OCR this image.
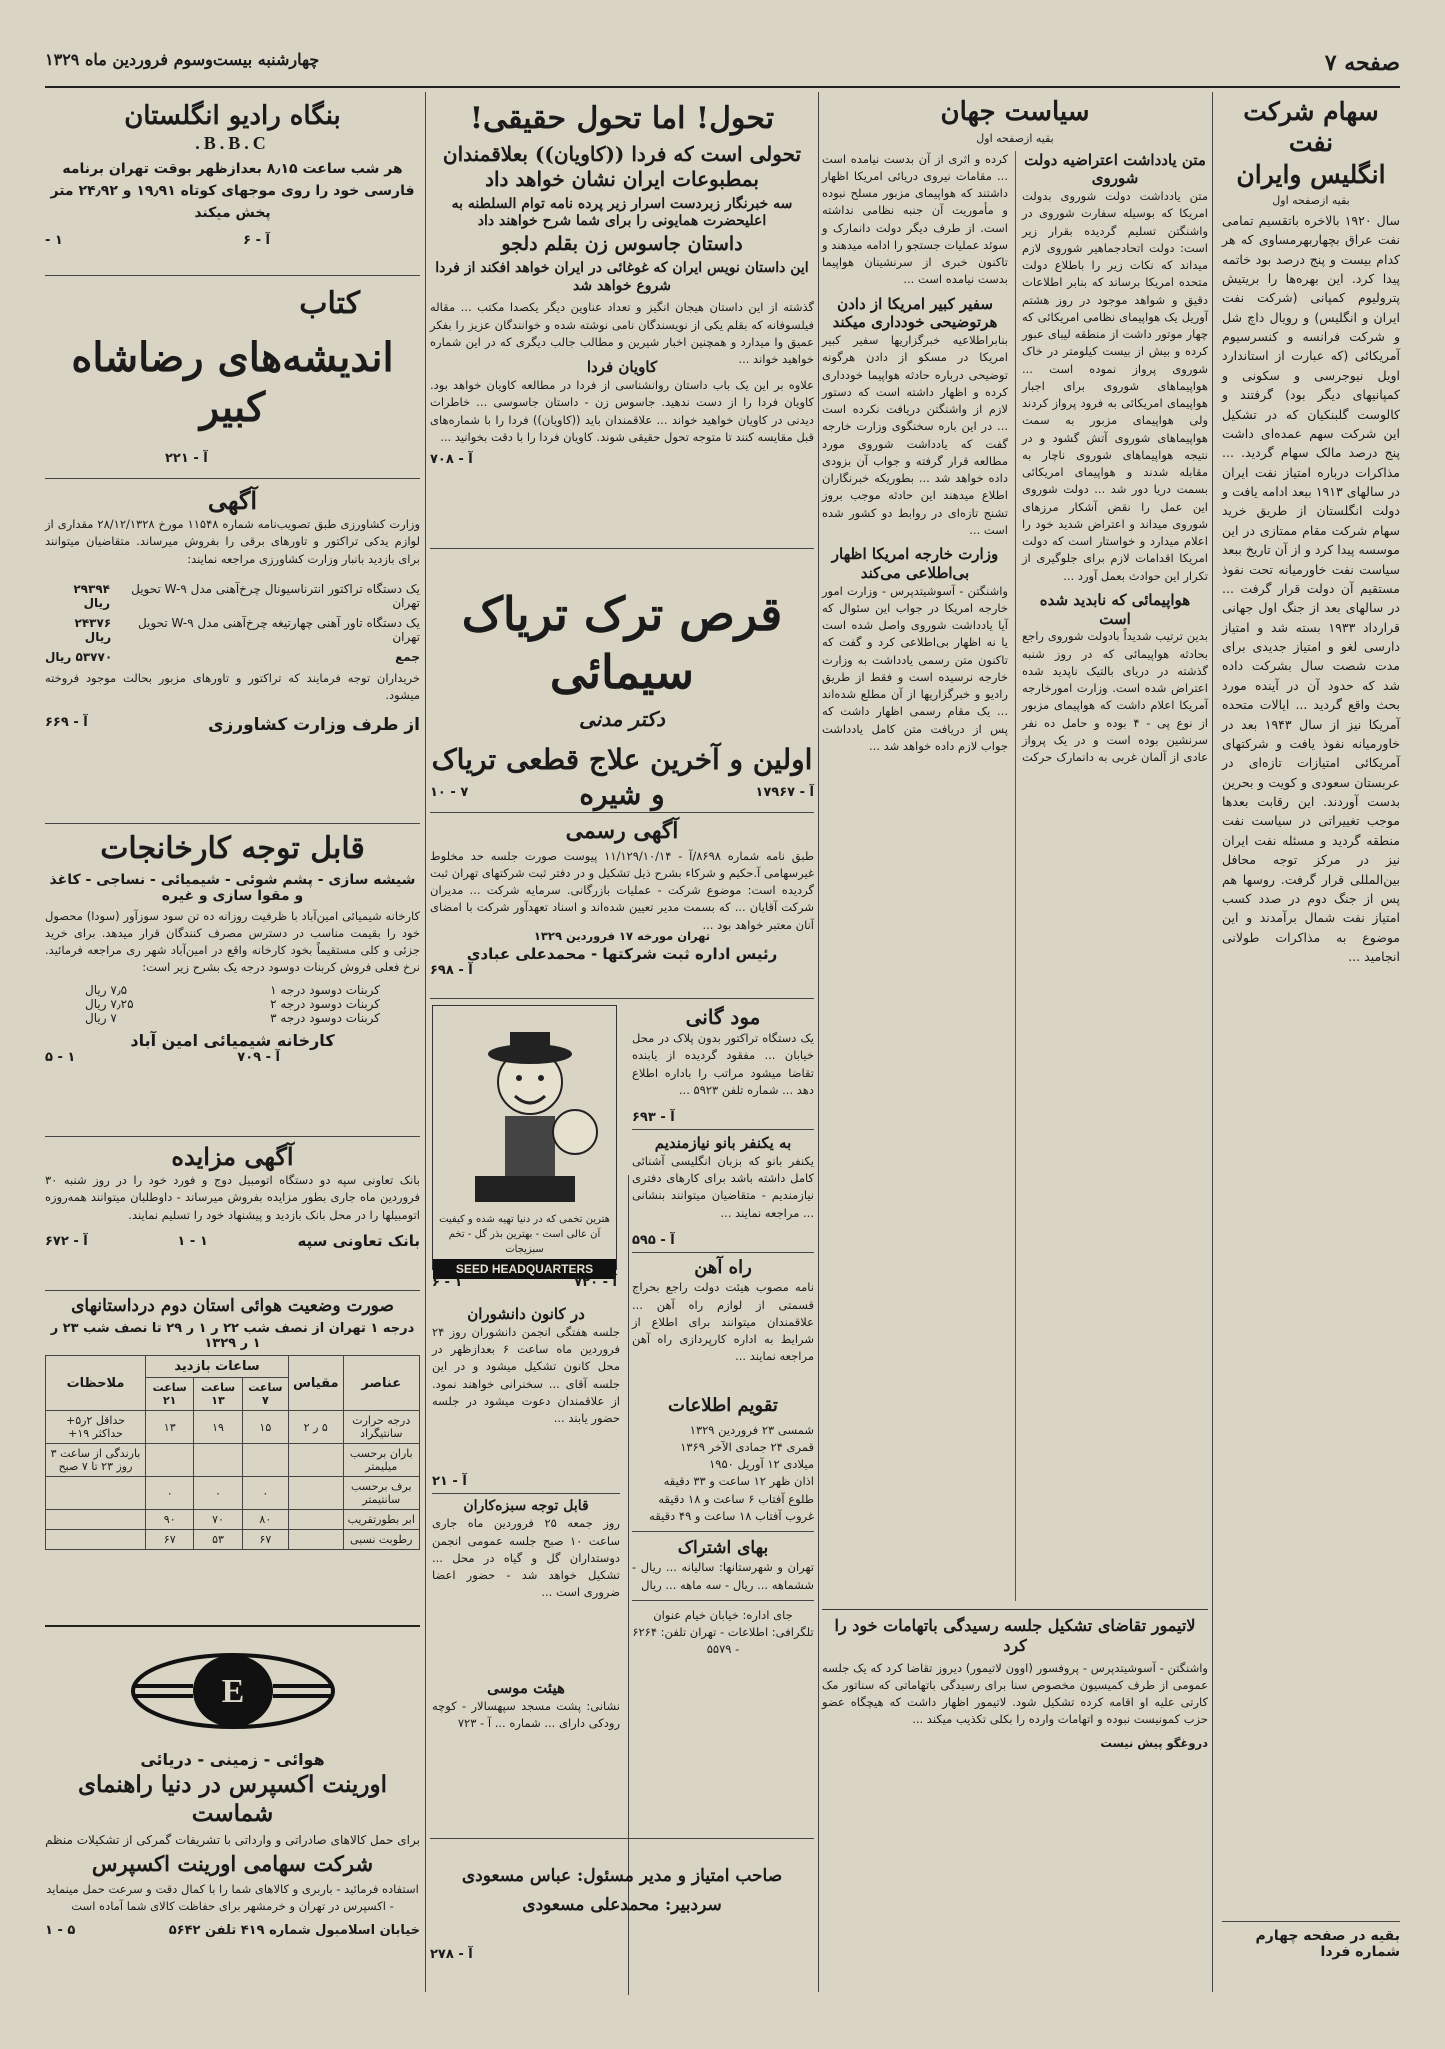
صفحه ۷
چهارشنبه بیست‌وسوم فروردین ماه ۱۳۲۹
سهام شرکت نفت
انگلیس وایران
بقیه ازصفحه اول
سال ۱۹۲۰ بالاخره باتقسیم تمامی نفت عراق بچهاربهرمساوی که هر کدام بیست و پنج درصد بود خاتمه پیدا کرد. این بهره‌ها را بریتیش پترولیوم کمپانی (شرکت نفت ایران و انگلیس) و رویال داچ شل و شرکت فرانسه و کنسرسیوم آمریکائی (که عبارت از استاندارد اویل نیوجرسی و سکونی و کمپانیهای دیگر بود) گرفتند و کالوست گلبنکیان که در تشکیل این شرکت سهم عمده‌ای داشت پنج درصد مالک سهام گردید. ... مذاکرات درباره امتیاز نفت ایران در سالهای ۱۹۱۳ ببعد ادامه یافت و دولت انگلستان از طریق خرید سهام شرکت مقام ممتازی در این موسسه پیدا کرد و از آن تاریخ ببعد سیاست نفت خاورمیانه تحت نفوذ مستقیم آن دولت قرار گرفت ... در سالهای بعد از جنگ اول جهانی قرارداد ۱۹۳۳ بسته شد و امتیاز دارسی لغو و امتیاز جدیدی برای مدت شصت سال بشرکت داده شد که حدود آن در آینده مورد بحث واقع گردید ... ایالات متحده آمریکا نیز از سال ۱۹۴۳ بعد در خاورمیانه نفوذ یافت و شرکتهای آمریکائی امتیازات تازه‌ای در عربستان سعودی و کویت و بحرین بدست آوردند. این رقابت بعدها موجب تغییراتی در سیاست نفت منطقه گردید و مسئله نفت ایران نیز در مرکز توجه محافل بین‌المللی قرار گرفت. روسها هم پس از جنگ دوم در صدد کسب امتیاز نفت شمال برآمدند و این موضوع به مذاکرات طولانی انجامید ...
بقیه در صفحه چهارم شماره فردا
سیاست جهان
بقیه ازصفحه اول
متن یادداشت اعتراضیه دولت شوروی
متن یادداشت دولت شوروی بدولت امریکا که بوسیله سفارت شوروی در واشنگتن تسلیم گردیده بقرار زیر است: دولت اتحادجماهیر شوروی لازم میداند که نکات زیر را باطلاع دولت متحده امریکا برساند که بنابر اطلاعات دقیق و شواهد موجود در روز هشتم آوریل یک هواپیمای نظامی امریکائی که چهار موتور داشت از منطقه لیبای عبور کرده و بیش از بیست کیلومتر در خاک شوروی پرواز نموده است ... هواپیماهای شوروی برای اجبار هواپیمای امریکائی به فرود پرواز کردند ولی هواپیمای مزبور به سمت هواپیماهای شوروی آتش گشود و در نتیجه هواپیماهای شوروی ناچار به مقابله شدند و هواپیمای امریکائی بسمت دریا دور شد ... دولت شوروی این عمل را نقض آشکار مرزهای شوروی میداند و اعتراض شدید خود را اعلام میدارد و خواستار است که دولت امریکا اقدامات لازم برای جلوگیری از تکرار این حوادث بعمل آورد ...
هواپیمائی که نابدید شده است
بدین ترتیب شدیداً بادولت شوروی راجع بحادثه هواپیمائی که در روز شنبه گذشته در دریای بالتیک ناپدید شده اعتراض شده است. وزارت امورخارجه آمریکا اعلام داشت که هواپیمای مزبور از نوع پی - ۴ بوده و حامل ده نفر سرنشین بوده است و در یک پرواز عادی از آلمان غربی به دانمارک حرکت کرده و اثری از آن بدست نیامده است ... مقامات نیروی دریائی امریکا اظهار داشتند که هواپیمای مزبور مسلح نبوده و مأموریت آن جنبه نظامی نداشته است. از طرف دیگر دولت دانمارک و سوئد عملیات جستجو را ادامه میدهند و تاکنون خبری از سرنشینان هواپیما بدست نیامده است ...
سفیر کبیر امریکا از دادن هرتوضیحی خودداری میکند
بنابراطلاعیه خبرگزاریها سفیر کبیر امریکا در مسکو از دادن هرگونه توضیحی درباره حادثه هواپیما خودداری کرده و اظهار داشته است که دستور لازم از واشنگتن دریافت نکرده است ... در این باره سخنگوی وزارت خارجه گفت که یادداشت شوروی مورد مطالعه قرار گرفته و جواب آن بزودی داده خواهد شد ... بطوریکه خبرنگاران اطلاع میدهند این حادثه موجب بروز تشنج تازه‌ای در روابط دو کشور شده است ...
وزارت خارجه امریکا اظهار بی‌اطلاعی می‌کند
واشنگتن - آسوشیتدپرس - وزارت امور خارجه امریکا در جواب این سئوال که آیا یادداشت شوروی واصل شده است یا نه اظهار بی‌اطلاعی کرد و گفت که تاکنون متن رسمی یادداشت به وزارت خارجه نرسیده است و فقط از طریق رادیو و خبرگزاریها از آن مطلع شده‌اند ... یک مقام رسمی اظهار داشت که پس از دریافت متن کامل یادداشت جواب لازم داده خواهد شد ...
لاتیمور تقاضای تشکیل جلسه رسیدگی باتهامات خود را کرد
واشنگتن - آسوشیتدپرس - پروفسور (اوون لاتیمور) دیروز تقاضا کرد که یک جلسه عمومی از طرف کمیسیون مخصوص سنا برای رسیدگی باتهاماتی که سناتور مک کارتی علیه او اقامه کرده تشکیل شود. لاتیمور اظهار داشت که هیچگاه عضو حزب کمونیست نبوده و اتهامات وارده را بکلی تکذیب میکند ...
دروغگو پیش نیست
تحول! اما تحول حقیقی!
تحولی است که فردا ((کاویان)) بعلاقمندان بمطبوعات ایران نشان خواهد داد
سه خبرنگار زبردست اسرار زیر پرده نامه توام السلطنه به اعلیحضرت همایونی را برای شما شرح خواهند داد
داستان جاسوس زن بقلم دلجو
این داستان نویس ایران که غوغائی در ایران خواهد افکند از فردا شروع خواهد شد
گذشته از این داستان هیجان انگیز و تعداد عناوین دیگر یکصدا مکتب ... مقاله فیلسوفانه که بقلم یکی از نویسندگان نامی نوشته شده و خوانندگان عزیز را بفکر عمیق وا میدارد و همچنین اخبار شیرین و مطالب جالب دیگری که در این شماره خواهید خواند ...
کاویان فردا
علاوه بر این یک باب داستان روانشناسی از فردا در مطالعه کاویان خواهد بود. کاویان فردا را از دست ندهید. جاسوس زن - داستان جاسوسی ... خاطرات دیدنی در کاویان خواهید خواند ... علاقمندان باید ((کاویان)) فردا را با شماره‌های قبل مقایسه کنند تا متوجه تحول حقیقی شوند. کاویان فردا را با دقت بخوانید ...
آ - ۷۰۸
قرص ترک تریاک سیمائی
دکتر مدنی
اولین و آخرین علاج قطعی تریاک و شیره	آ - ۱۷۹۶۷
۷ - ۱۰
آگهی رسمی
طبق نامه شماره ۸۶۹۸/آ - ۱۱/۱۲۹/۱۰/۱۴ پیوست صورت جلسه حد مخلوط غیرسهامی آ.حکیم و شرکاء بشرح ذیل تشکیل و در دفتر ثبت شرکتهای تهران ثبت گردیده است: موضوع شرکت - عملیات بازرگانی. سرمایه شرکت ... مدیران شرکت آقایان ... که بسمت مدیر تعیین شده‌اند و اسناد تعهدآور شرکت با امضای آنان معتبر خواهد بود ...
تهران مورخه ۱۷ فروردین ۱۳۲۹
رئیس اداره ثبت شرکتها - محمدعلی عبادی
آ - ۶۹۸
هترین تخمی که در دنیا تهیه شده و کیفیت آن عالی است - بهترین بذر گل - تخم سبزیجات
SEED HEADQUARTERS
آ - ۷۲۰
۱ - ۶
مود گانی
یک دستگاه تراکتور بدون پلاک در محل خیابان ... مفقود گردیده از یابنده تقاضا میشود مراتب را باداره اطلاع دهد ... شماره تلفن ۵۹۲۳ ...
آ - ۶۹۳
به یکنفر بانو نیازمندیم
یکنفر بانو که بزبان انگلیسی آشنائی کامل داشته باشد برای کارهای دفتری نیازمندیم - متقاضیان میتوانند بنشانی ... مراجعه نمایند ...
آ - ۵۹۵
راه آهن
نامه مصوب هیئت دولت راجع بحراج قسمتی از لوازم راه آهن ... علاقمندان میتوانند برای اطلاع از شرایط به اداره کارپردازی راه آهن مراجعه نمایند ...
در کانون دانشوران
جلسه هفتگی انجمن دانشوران روز ۲۴ فروردین ماه ساعت ۶ بعدازظهر در محل کانون تشکیل میشود و در این جلسه آقای ... سخنرانی خواهند نمود. از علاقمندان دعوت میشود در جلسه حضور یابند ...
آ - ۲۱
قابل توجه سبزه‌کاران
روز جمعه ۲۵ فروردین ماه جاری ساعت ۱۰ صبح جلسه عمومی انجمن دوستداران گل و گیاه در محل ... تشکیل خواهد شد - حضور اعضا ضروری است ...
هیئت موسی
نشانی: پشت مسجد سپهسالار - کوچه رودکی دارای ... شماره ... آ - ۷۲۳
تقویم اطلاعات
شمسی ۲۳ فروردین ۱۳۲۹
قمری ۲۴ جمادی الآخر ۱۳۶۹
میلادی ۱۲ آوریل ۱۹۵۰
اذان ظهر ۱۲ ساعت و ۳۳ دقیقه
طلوع آفتاب ۶ ساعت و ۱۸ دقیقه
غروب آفتاب ۱۸ ساعت و ۴۹ دقیقه
بهای اشتراک
تهران و شهرستانها: سالیانه ... ریال - ششماهه ... ریال - سه ماهه ... ریال
جای اداره: خیابان خیام عنوان تلگرافی: اطلاعات - تهران تلفن: ۶۲۶۴ - ۵۵۷۹
صاحب امتیاز و مدیر مسئول: عباس مسعودی
سردبیر: محمدعلی مسعودی
آ - ۲۷۸
بنگاه رادیو انگلستان
B.B.C.
هر شب ساعت ۸٫۱۵ بعدازظهر بوقت تهران برنامه فارسی خود را روی موجهای کوتاه ۱۹٫۹۱ و ۲۴٫۹۲ متر پخش میکند
آ - ۶
۱ -
کتاب
اندیشه‌های رضاشاه کبیر
آ - ۲۲۱
آگهی
وزارت کشاورزی طبق تصویب‌نامه شماره ۱۱۵۴۸ مورخ ۲۸/۱۲/۱۳۲۸ مقداری از لوازم یدکی تراکتور و تاورهای برقی را بفروش میرساند. متقاضیان میتوانند برای بازدید بانبار وزارت کشاورزی مراجعه نمایند:
یک دستگاه تراکتور انترناسیونال چرخ‌آهنی مدل W-۹ تحویل تهران
۲۹۳۹۴ ریال
یک دستگاه تاور آهنی چهارتیغه چرخ‌آهنی مدل W-۹ تحویل تهران
۲۴۳۷۶ ریال
جمع
۵۳۷۷۰ ریال
خریداران توجه فرمایند که تراکتور و تاورهای مزبور بحالت موجود فروخته میشود.
از طرف وزارت کشاورزی
آ - ۶۶۹
قابل توجه کارخانجات
شیشه سازی - پشم شوئی - شیمیائی - نساجی - کاغذ
و مقوا سازی و غیره
کارخانه شیمیائی امین‌آباد با ظرفیت روزانه ده تن سود سوزآور (سودا) محصول خود را بقیمت مناسب در دسترس مصرف کنندگان قرار میدهد. برای خرید جزئی و کلی مستقیماً بخود کارخانه واقع در امین‌آباد شهر ری مراجعه فرمائید. نرخ فعلی فروش کربنات دوسود درجه یک بشرح زیر است:
کربنات دوسود درجه ۱
۷٫۵ ریال
کربنات دوسود درجه ۲
۷٫۲۵ ریال
کربنات دوسود درجه ۳
۷ ریال
کارخانه شیمیائی امین آباد
آ - ۷۰۹
۱ - ۵
آگهی مزایده
بانک تعاونی سپه دو دستگاه اتومبیل دوج و فورد خود را در روز شنبه ۳۰ فروردین ماه جاری بطور مزایده بفروش میرساند - داوطلبان میتوانند همه‌روزه اتومبیلها را در محل بانک بازدید و پیشنهاد خود را تسلیم نمایند.
بانک تعاونی سپه
۱ - ۱
آ - ۶۷۲
صورت وضعیت هوائی استان دوم درداستانهای
درجه ۱ تهران از نصف شب ۲۲ ر ۱ ر ۲۹ تا نصف شب ۲۳ ر ۱ ر ۱۳۲۹
عناصر	مقیاس	ساعات بازدید			ملاحظات
		ساعت ۷	ساعت ۱۳	ساعت ۲۱	
درجه حرارت سانتیگراد	۵ ر ۲	۱۵	۱۹	۱۳	حداقل ۲ر۵+ حداکثر ۱۹+
باران برحسب میلیمتر					بارندگی از ساعت ۳ روز ۲۳ تا ۷ صبح
برف برحسب سانتیمتر		۰	۰	۰	
ابر بطورتقریب		۸۰	۷۰	۹۰	
رطوبت نسبی		۶۷	۵۳	۶۷	
E
هوائی - زمینی - دریائی
اورینت اکسپرس در دنیا راهنمای شماست
برای حمل کالاهای صادراتی و وارداتی با تشریفات گمرکی از تشکیلات منظم
شرکت سهامی اورینت اکسپرس
استفاده فرمائید - باربری و کالاهای شما را با کمال دقت و سرعت حمل مینماید - اکسپرس در تهران و خرمشهر برای حفاظت کالای شما آماده است
خیابان اسلامبول شماره ۴۱۹ تلفن ۵۶۴۲
۵ - ۱
